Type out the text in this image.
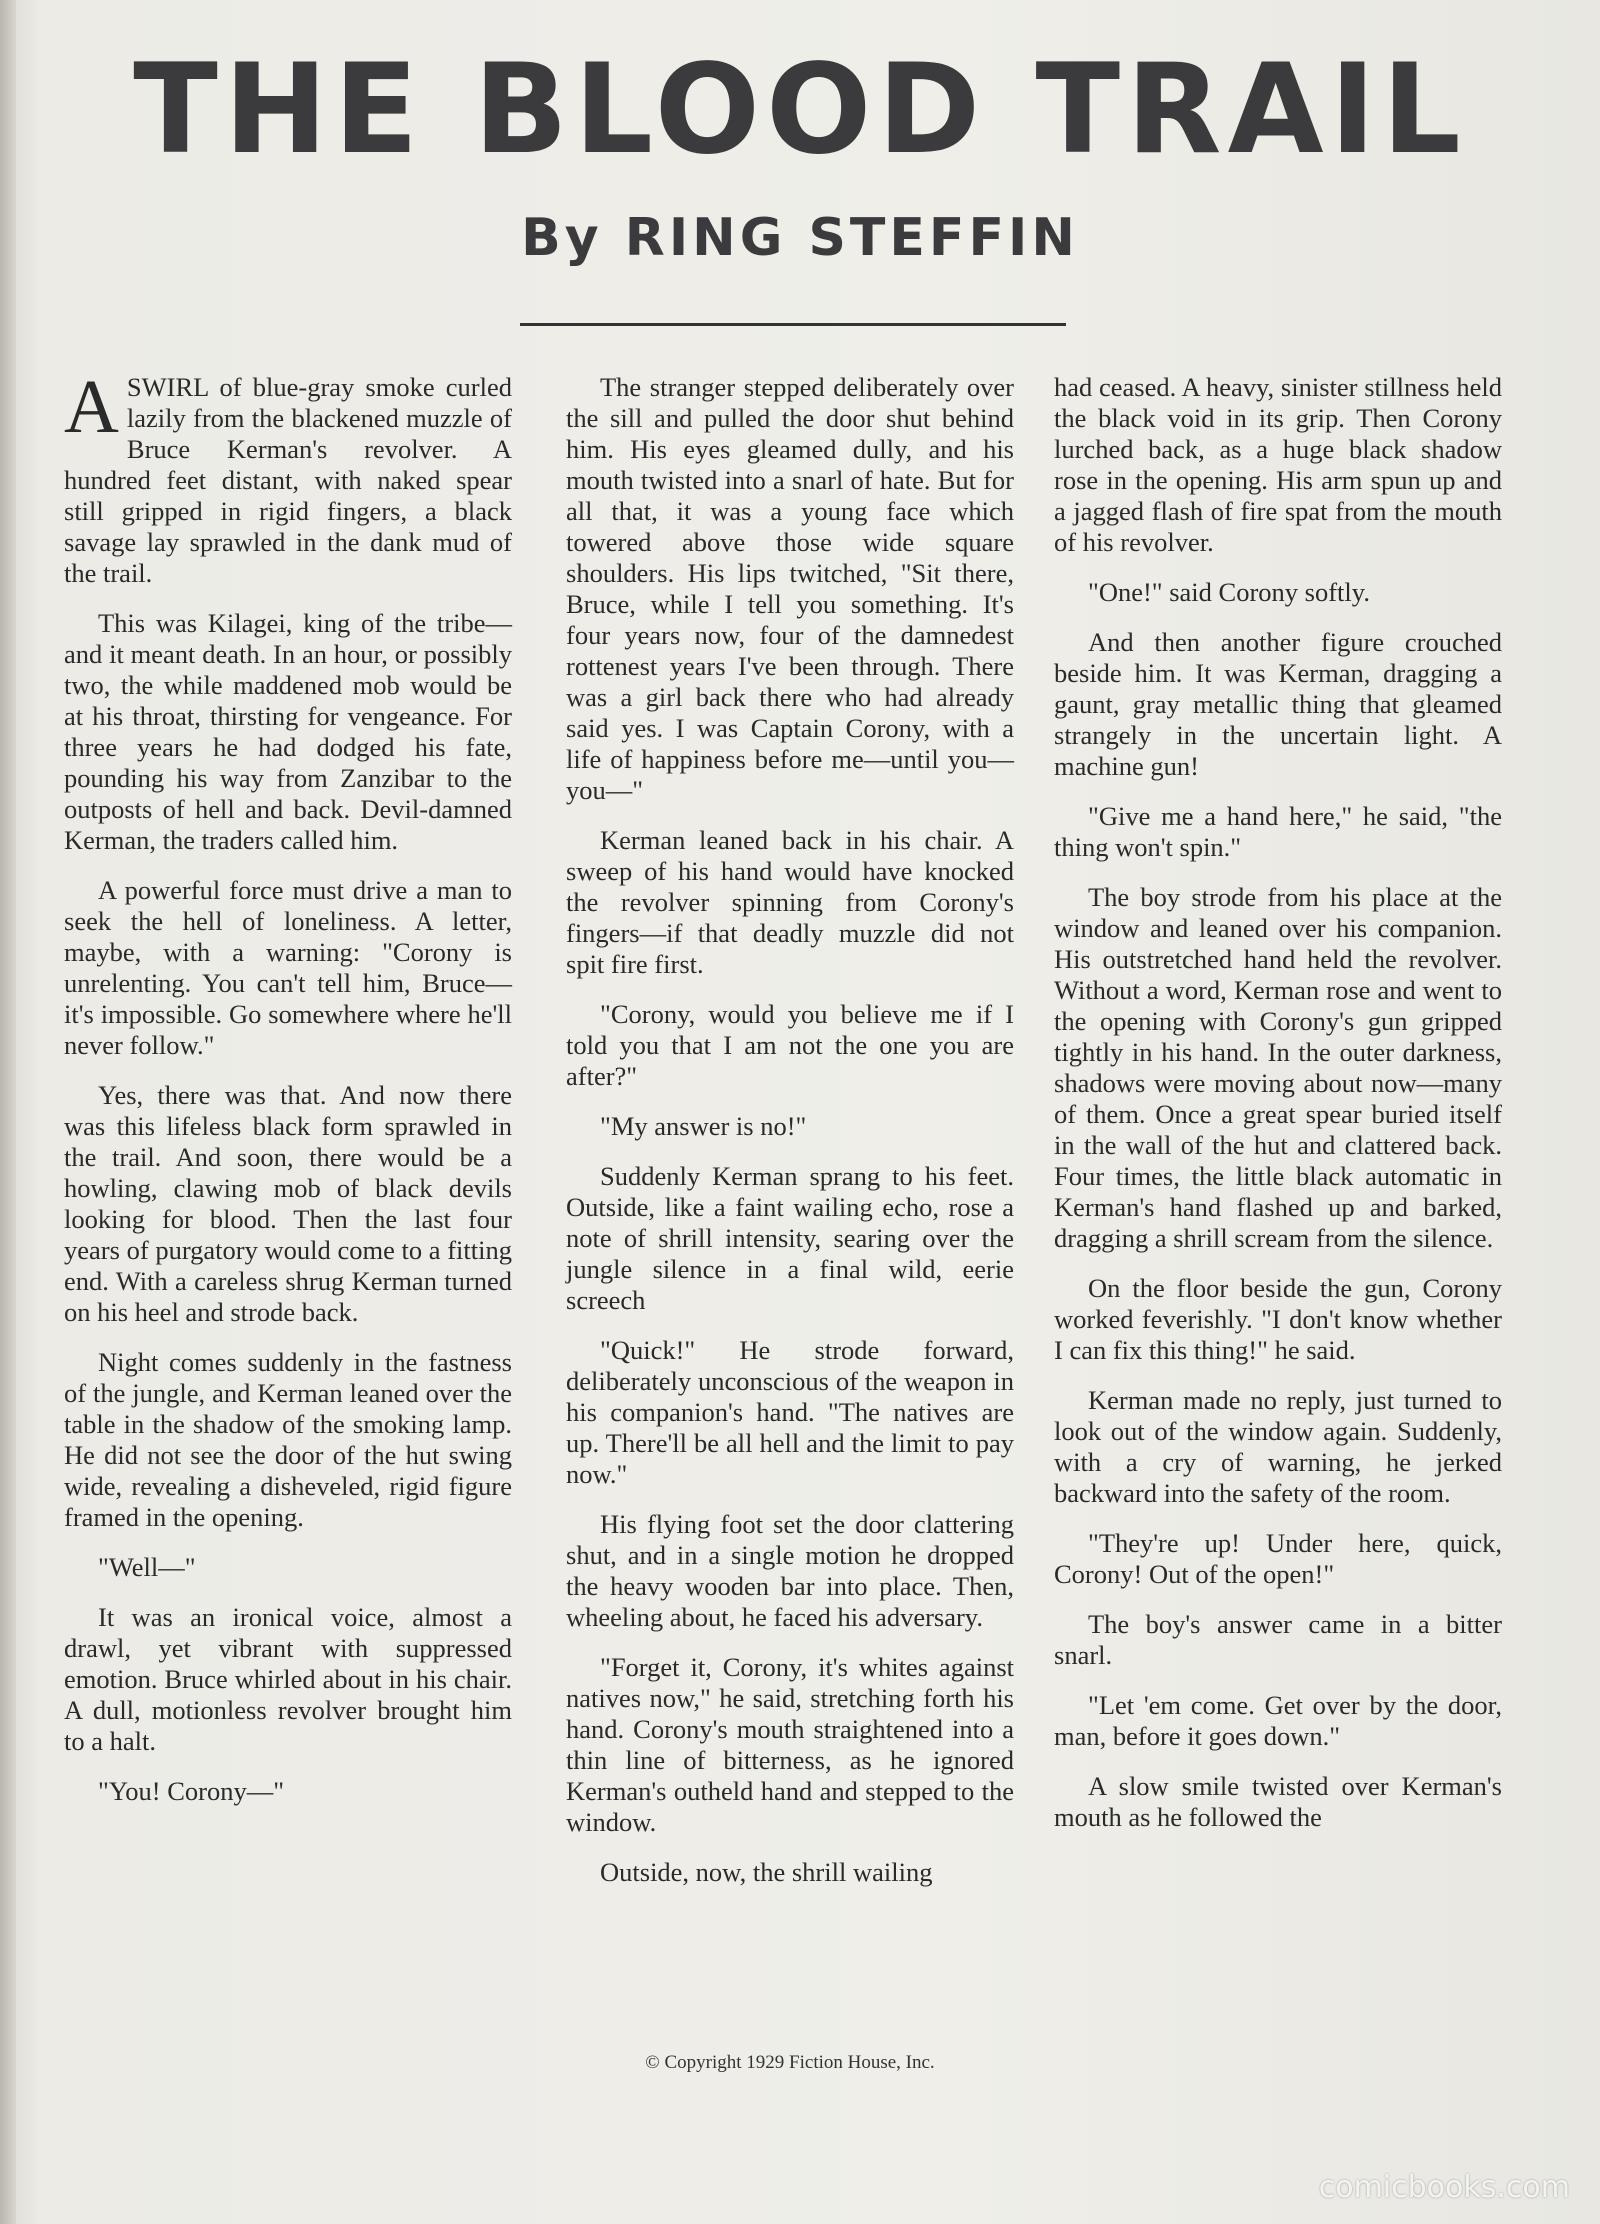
THE BLOOD TRAIL
By RING STEFFIN

A SWIRL of blue-gray smoke curled lazily from the blackened muzzle of Bruce Kerman's revolver. A hundred feet distant, with naked spear still gripped in rigid fingers, a black savage lay sprawled in the dank mud of the trail.

This was Kilagei, king of the tribe—and it meant death. In an hour, or possibly two, the while maddened mob would be at his throat, thirsting for vengeance. For three years he had dodged his fate, pounding his way from Zanzibar to the outposts of hell and back. Devil-damned Kerman, the traders called him.

A powerful force must drive a man to seek the hell of loneliness. A letter, maybe, with a warning: "Corony is unrelenting. You can't tell him, Bruce—it's impossible. Go somewhere where he'll never follow."

Yes, there was that. And now there was this lifeless black form sprawled in the trail. And soon, there would be a howling, clawing mob of black devils looking for blood. Then the last four years of purgatory would come to a fitting end. With a careless shrug Kerman turned on his heel and strode back.

Night comes suddenly in the fastness of the jungle, and Kerman leaned over the table in the shadow of the smoking lamp. He did not see the door of the hut swing wide, revealing a disheveled, rigid figure framed in the opening.

"Well—"

It was an ironical voice, almost a drawl, yet vibrant with suppressed emotion. Bruce whirled about in his chair. A dull, motionless revolver brought him to a halt.

"You! Corony—"

The stranger stepped deliberately over the sill and pulled the door shut behind him. His eyes gleamed dully, and his mouth twisted into a snarl of hate. But for all that, it was a young face which towered above those wide square shoulders. His lips twitched, "Sit there, Bruce, while I tell you something. It's four years now, four of the damnedest rottenest years I've been through. There was a girl back there who had already said yes. I was Captain Corony, with a life of happiness before me—until you—you—"

Kerman leaned back in his chair. A sweep of his hand would have knocked the revolver spinning from Corony's fingers—if that deadly muzzle did not spit fire first.

"Corony, would you believe me if I told you that I am not the one you are after?"

"My answer is no!"

Suddenly Kerman sprang to his feet. Outside, like a faint wailing echo, rose a note of shrill intensity, searing over the jungle silence in a final wild, eerie screech

"Quick!" He strode forward, deliberately unconscious of the weapon in his companion's hand. "The natives are up. There'll be all hell and the limit to pay now."

His flying foot set the door clattering shut, and in a single motion he dropped the heavy wooden bar into place. Then, wheeling about, he faced his adversary.

"Forget it, Corony, it's whites against natives now," he said, stretching forth his hand. Corony's mouth straightened into a thin line of bitterness, as he ignored Kerman's outheld hand and stepped to the window.

Outside, now, the shrill wailing

had ceased. A heavy, sinister stillness held the black void in its grip. Then Corony lurched back, as a huge black shadow rose in the opening. His arm spun up and a jagged flash of fire spat from the mouth of his revolver.

"One!" said Corony softly.

And then another figure crouched beside him. It was Kerman, dragging a gaunt, gray metallic thing that gleamed strangely in the uncertain light. A machine gun!

"Give me a hand here," he said, "the thing won't spin."

The boy strode from his place at the window and leaned over his companion. His outstretched hand held the revolver. Without a word, Kerman rose and went to the opening with Corony's gun gripped tightly in his hand. In the outer darkness, shadows were moving about now—many of them. Once a great spear buried itself in the wall of the hut and clattered back. Four times, the little black automatic in Kerman's hand flashed up and barked, dragging a shrill scream from the silence.

On the floor beside the gun, Corony worked feverishly. "I don't know whether I can fix this thing!" he said.

Kerman made no reply, just turned to look out of the window again. Suddenly, with a cry of warning, he jerked backward into the safety of the room.

"They're up! Under here, quick, Corony! Out of the open!"

The boy's answer came in a bitter snarl.

"Let 'em come. Get over by the door, man, before it goes down."

A slow smile twisted over Kerman's mouth as he followed the

© Copyright 1929 Fiction House, Inc.
comicbooks.com
